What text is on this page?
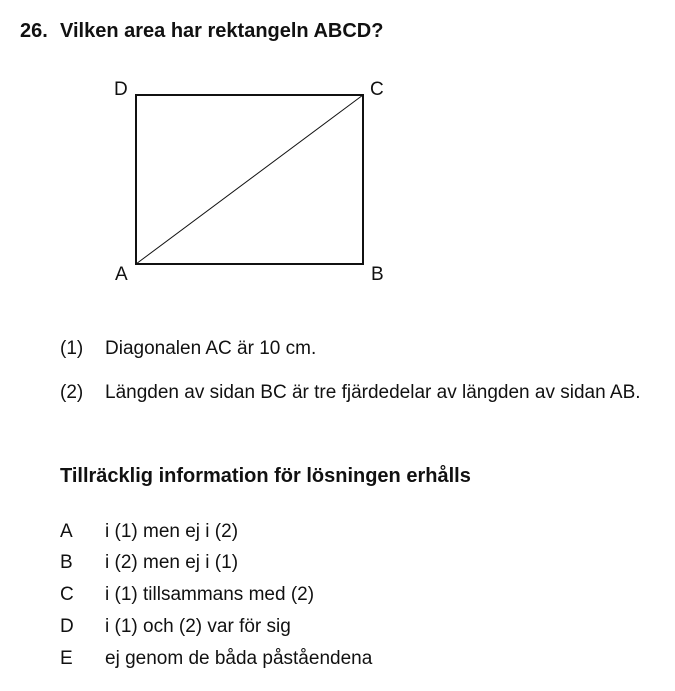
26. Vilken area har rektangeln ABCD?
D	C
A	B
(1) Diagonalen AC är 10 cm.
(2) Längden av sidan BC är tre fjärdedelar av längden av sidan AB.
Tillräcklig information för lösningen erhålls
A i (1) men ej i (2)
B i (2) men ej i (1)
C i (1) tillsammans med (2)
D i (1) och (2) var för sig
E ej genom de båda påståendena
